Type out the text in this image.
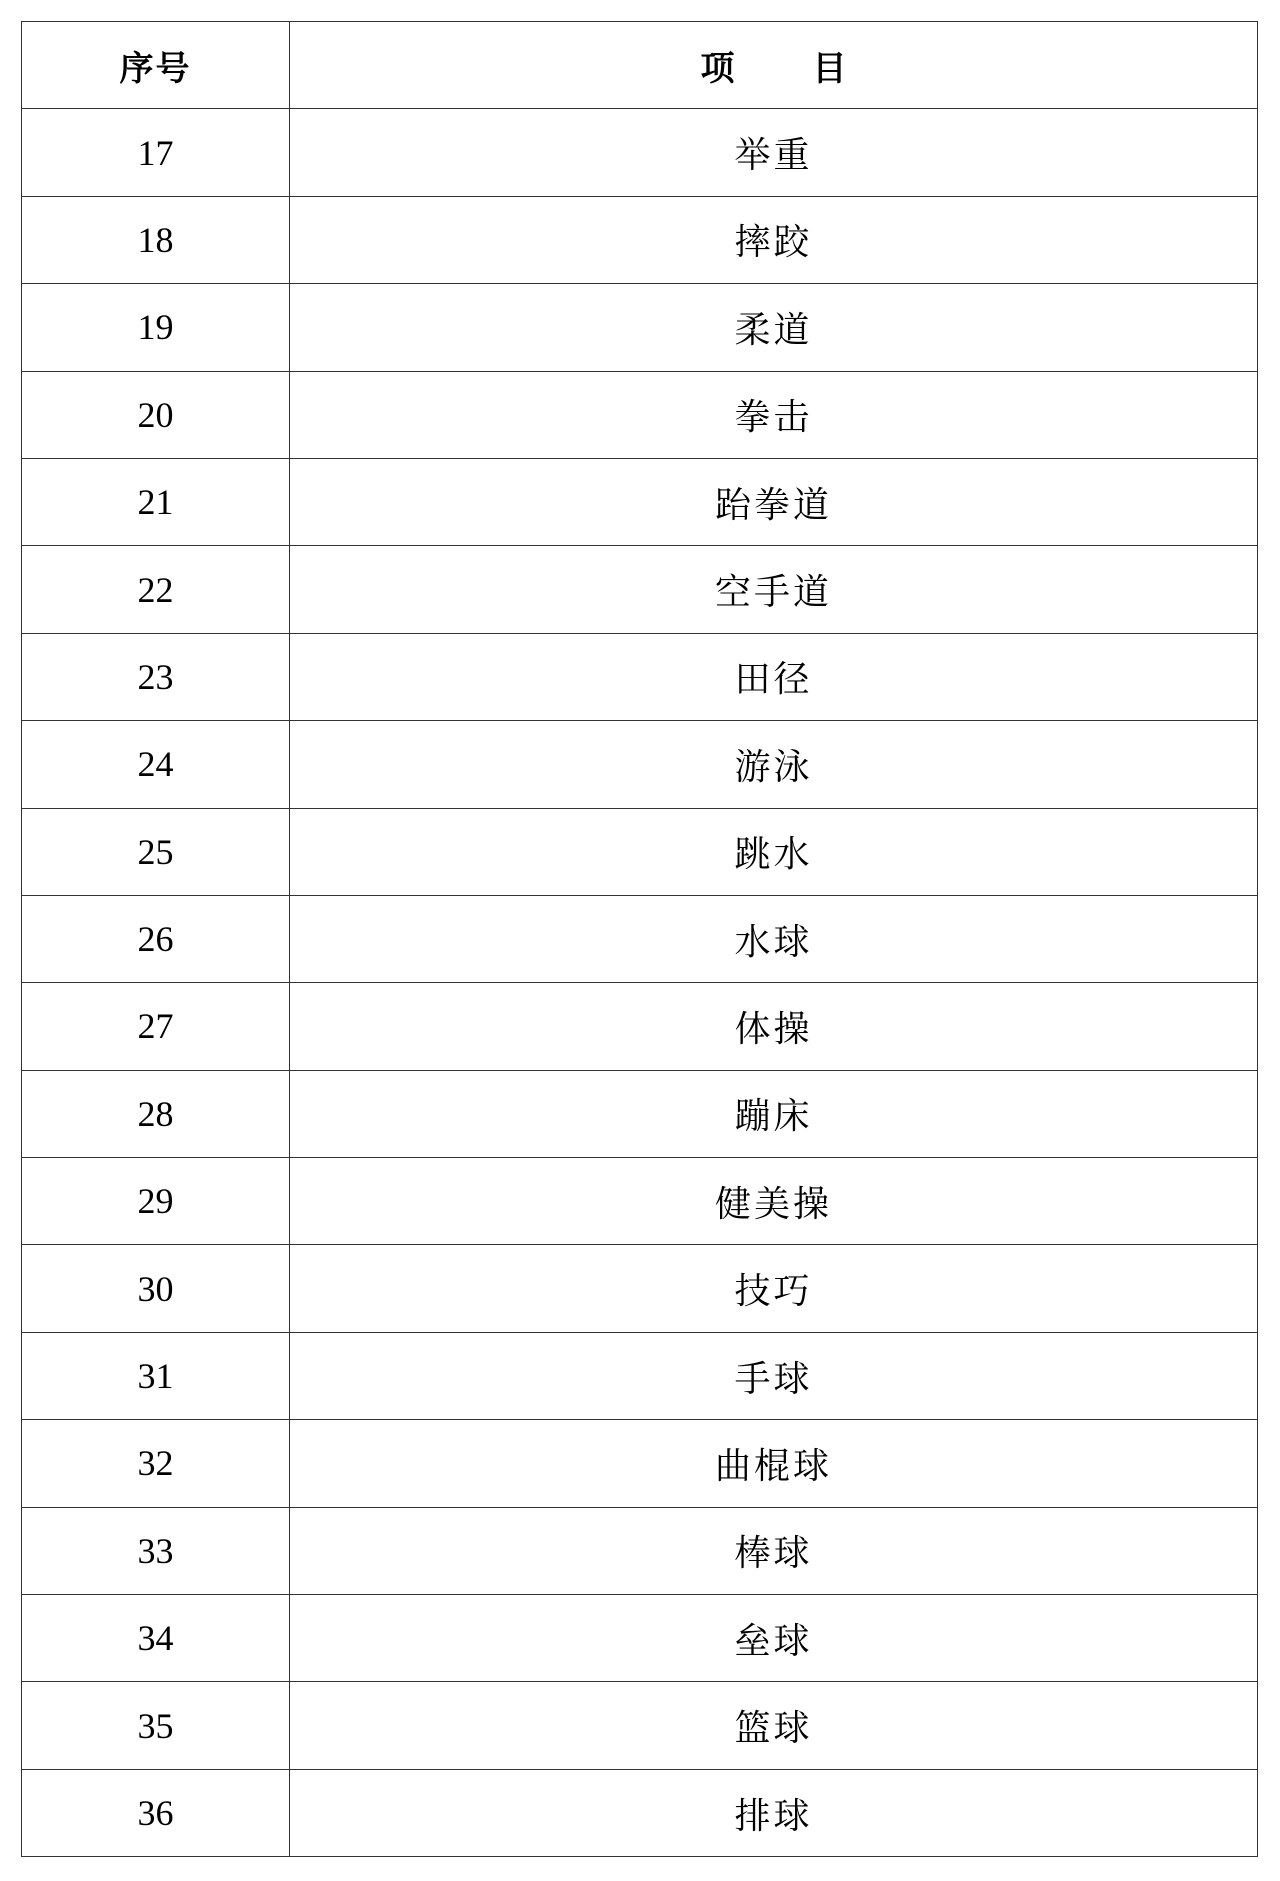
序号	项 目
17	举重
18	摔跤
19	柔道
20	拳击
21	跆拳道
22	空手道
23	田径
24	游泳
25	跳水
26	水球
27	体操
28	蹦床
29	健美操
30	技巧
31	手球
32	曲棍球
33	棒球
34	垒球
35	篮球
36	排球
